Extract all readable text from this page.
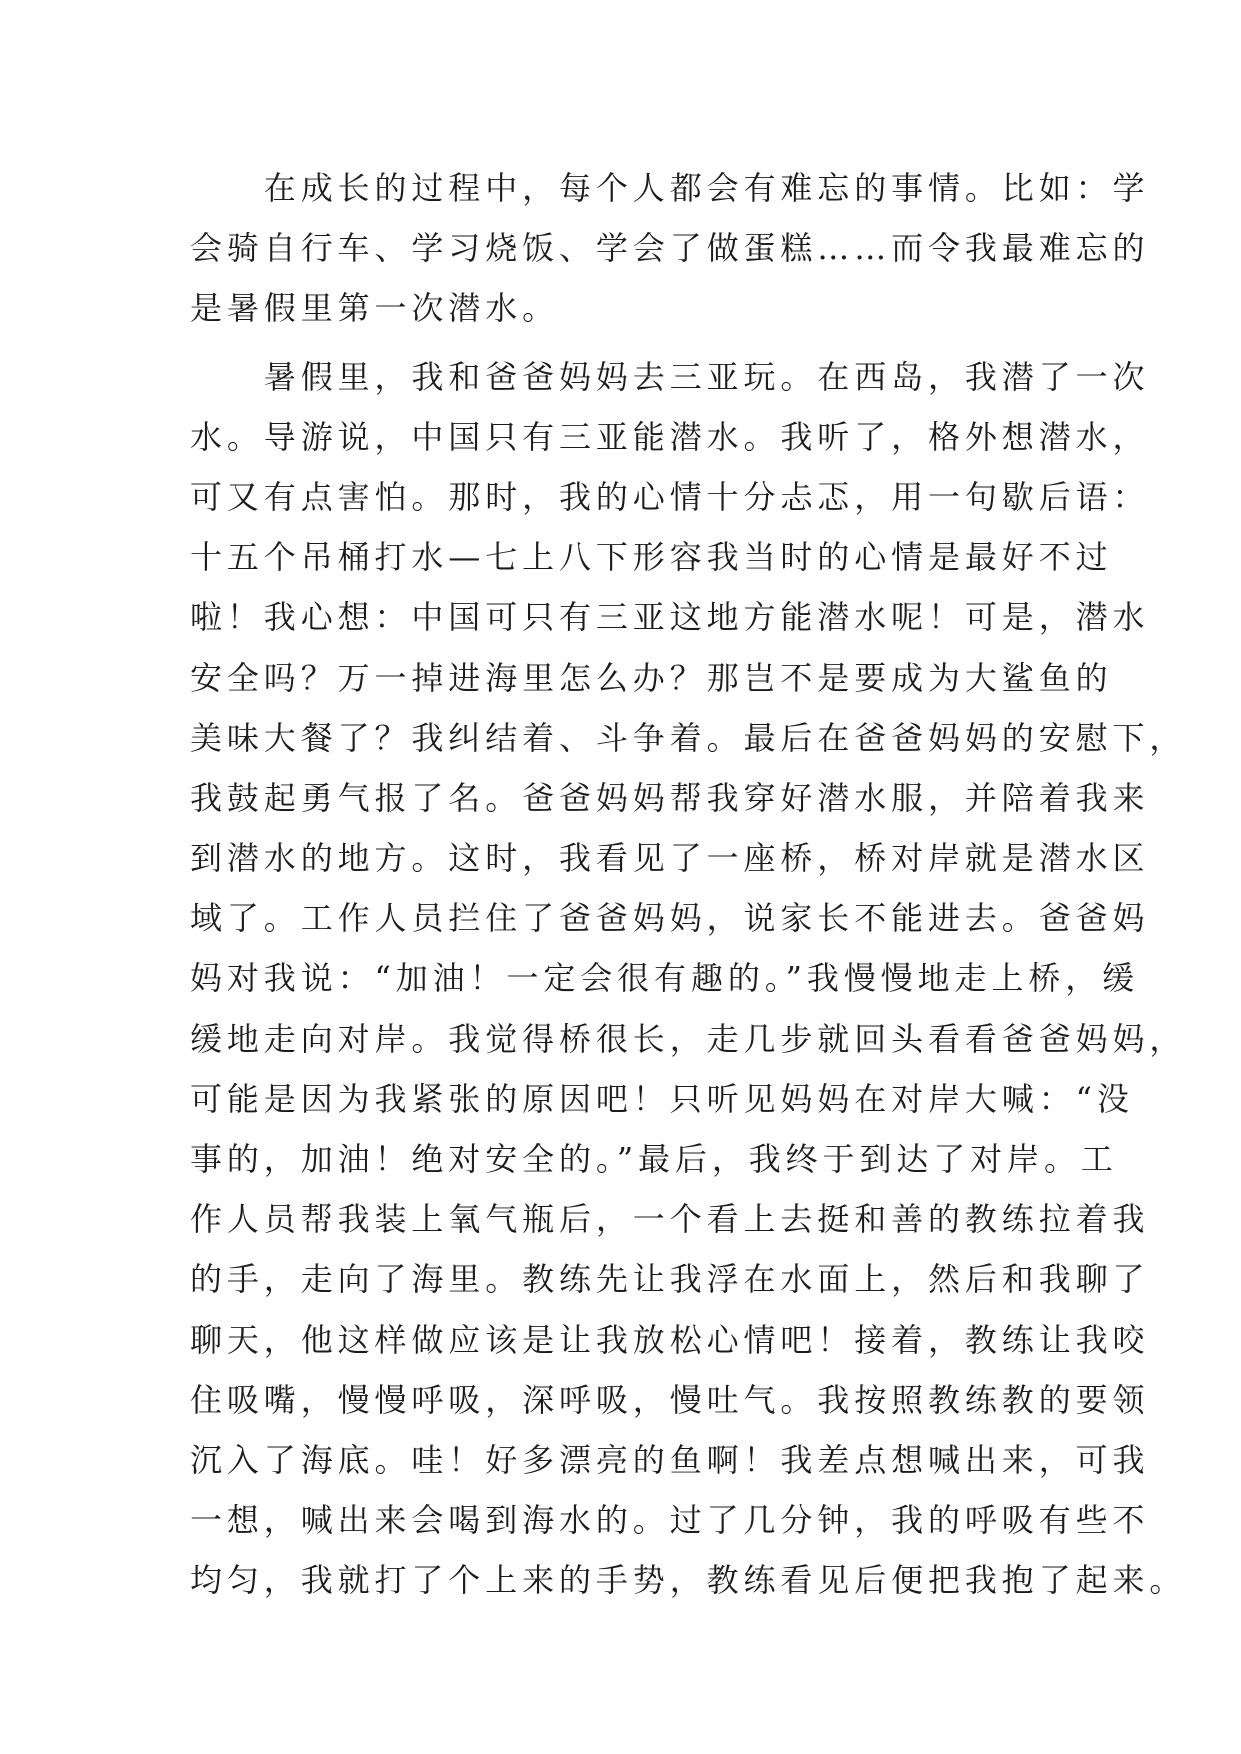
　　在成长的过程中，每个人都会有难忘的事情。比如：学
会骑自行车、学习烧饭、学会了做蛋糕……而令我最难忘的
是暑假里第一次潜水。
　　暑假里，我和爸爸妈妈去三亚玩。在西岛，我潜了一次
水。导游说，中国只有三亚能潜水。我听了，格外想潜水，
可又有点害怕。那时，我的心情十分忐忑，用一句歇后语：
十五个吊桶打水—七上八下形容我当时的心情是最好不过
啦！我心想：中国可只有三亚这地方能潜水呢！可是，潜水
安全吗？万一掉进海里怎么办？那岂不是要成为大鲨鱼的
美味大餐了？我纠结着、斗争着。最后在爸爸妈妈的安慰下，
我鼓起勇气报了名。爸爸妈妈帮我穿好潜水服，并陪着我来
到潜水的地方。这时，我看见了一座桥，桥对岸就是潜水区
域了。工作人员拦住了爸爸妈妈，说家长不能进去。爸爸妈
妈对我说：“加油！一定会很有趣的。”我慢慢地走上桥，缓
缓地走向对岸。我觉得桥很长，走几步就回头看看爸爸妈妈，
可能是因为我紧张的原因吧！只听见妈妈在对岸大喊：“没
事的，加油！绝对安全的。”最后，我终于到达了对岸。工
作人员帮我装上氧气瓶后，一个看上去挺和善的教练拉着我
的手，走向了海里。教练先让我浮在水面上，然后和我聊了
聊天，他这样做应该是让我放松心情吧！接着，教练让我咬
住吸嘴，慢慢呼吸，深呼吸，慢吐气。我按照教练教的要领
沉入了海底。哇！好多漂亮的鱼啊！我差点想喊出来，可我
一想，喊出来会喝到海水的。过了几分钟，我的呼吸有些不
均匀，我就打了个上来的手势，教练看见后便把我抱了起来。
